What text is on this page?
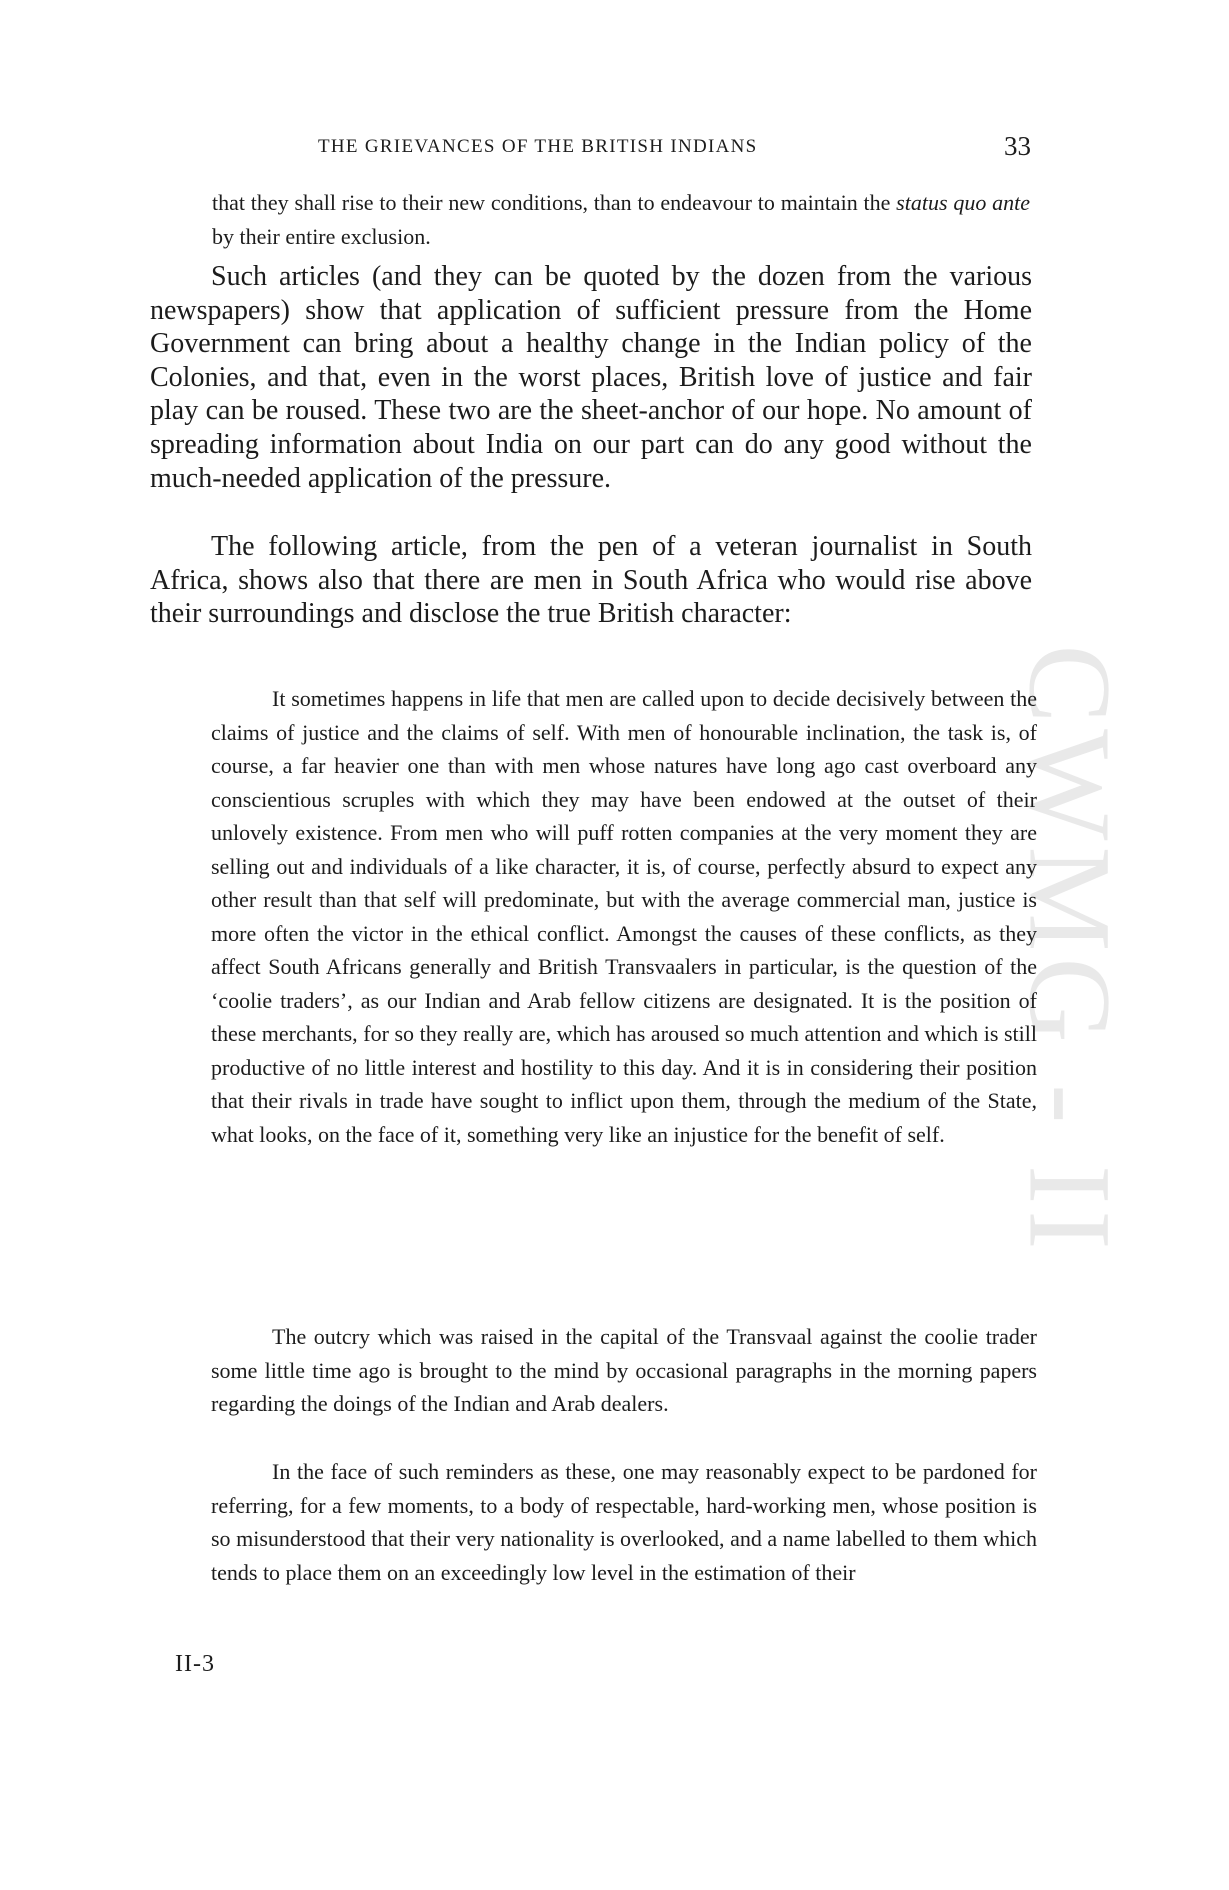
CWMG - II
THE GRIEVANCES OF THE BRITISH INDIANS	33

that they shall rise to their new conditions, than to endeavour to maintain the status quo ante by their entire exclusion.

Such articles (and they can be quoted by the dozen from the various newspapers) show that application of sufficient pressure from the Home Government can bring about a healthy change in the Indian policy of the Colonies, and that, even in the worst places, British love of justice and fair play can be roused. These two are the sheet-anchor of our hope. No amount of spreading information about India on our part can do any good without the much-needed application of the pressure.

The following article, from the pen of a veteran journalist in South Africa, shows also that there are men in South Africa who would rise above their surroundings and disclose the true British character:

It sometimes happens in life that men are called upon to decide decisively between the claims of justice and the claims of self. With men of honourable inclination, the task is, of course, a far heavier one than with men whose natures have long ago cast overboard any conscientious scruples with which they may have been endowed at the outset of their unlovely existence. From men who will puff rotten companies at the very moment they are selling out and individuals of a like character, it is, of course, perfectly absurd to expect any other result than that self will predominate, but with the average commercial man, justice is more often the victor in the ethical conflict. Amongst the causes of these conflicts, as they affect South Africans generally and British Transvaalers in particular, is the question of the ‘coolie traders’, as our Indian and Arab fellow citizens are designated. It is the position of these merchants, for so they really are, which has aroused so much attention and which is still productive of no little interest and hostility to this day. And it is in considering their position that their rivals in trade have sought to inflict upon them, through the medium of the State, what looks, on the face of it, something very like an injustice for the benefit of self.

The outcry which was raised in the capital of the Transvaal against the coolie trader some little time ago is brought to the mind by occasional paragraphs in the morning papers regarding the doings of the Indian and Arab dealers.

In the face of such reminders as these, one may reasonably expect to be pardoned for referring, for a few moments, to a body of respectable, hard-working men, whose position is so misunderstood that their very nationality is overlooked, and a name labelled to them which tends to place them on an exceedingly low level in the estimation of their

II-3
